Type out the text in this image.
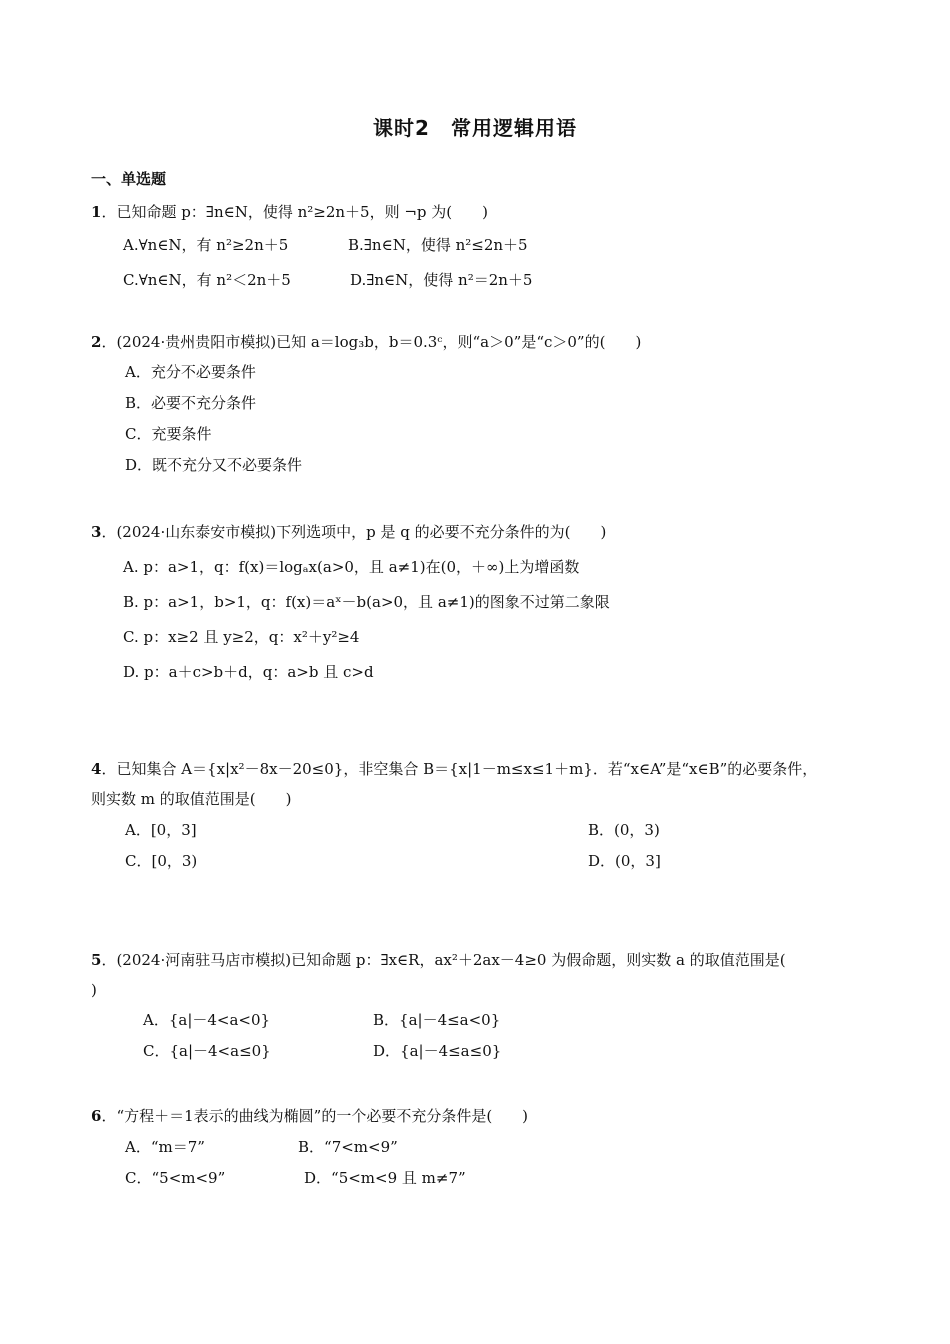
课时2　常用逻辑用语
一、单选题
1．已知命题 p：∃n∈N，使得 n²≥2n＋5，则 ¬p 为(　　)
A.∀n∈N，有 n²≥2n＋5	B.∃n∈N，使得 n²≤2n＋5
C.∀n∈N，有 n²＜2n＋5	D.∃n∈N，使得 n²＝2n＋5
2．(2024·贵州贵阳市模拟)已知 a＝log₃b，b＝0.3ᶜ，则“a＞0”是“c＞0”的(　　)
A．充分不必要条件
B．必要不充分条件
C．充要条件
D．既不充分又不必要条件
3．(2024·山东泰安市模拟)下列选项中，p 是 q 的必要不充分条件的为(　　)
A. p：a>1，q：f(x)＝logₐx(a>0，且 a≠1)在(0，＋∞)上为增函数
B. p：a>1，b>1，q：f(x)＝aˣ－b(a>0，且 a≠1)的图象不过第二象限
C. p：x≥2 且 y≥2，q：x²＋y²≥4
D. p：a＋c>b＋d，q：a>b 且 c>d
4．已知集合 A＝{x|x²－8x－20≤0}，非空集合 B＝{x|1－m≤x≤1＋m}．若“x∈A”是“x∈B”的必要条件，
则实数 m 的取值范围是(　　)
A．[0，3]	B．(0，3)
C．[0，3)	D．(0，3]
5．(2024·河南驻马店市模拟)已知命题 p：∃x∈R，ax²＋2ax－4≥0 为假命题，则实数 a 的取值范围是(
)
A．{a|－4<a<0}	B．{a|－4≤a<0}
C．{a|－4<a≤0}	D．{a|－4≤a≤0}
6．“方程＋＝1表示的曲线为椭圆”的一个必要不充分条件是(　　)
A．“m＝7”	B．“7<m<9”
C．“5<m<9”	D．“5<m<9 且 m≠7”
